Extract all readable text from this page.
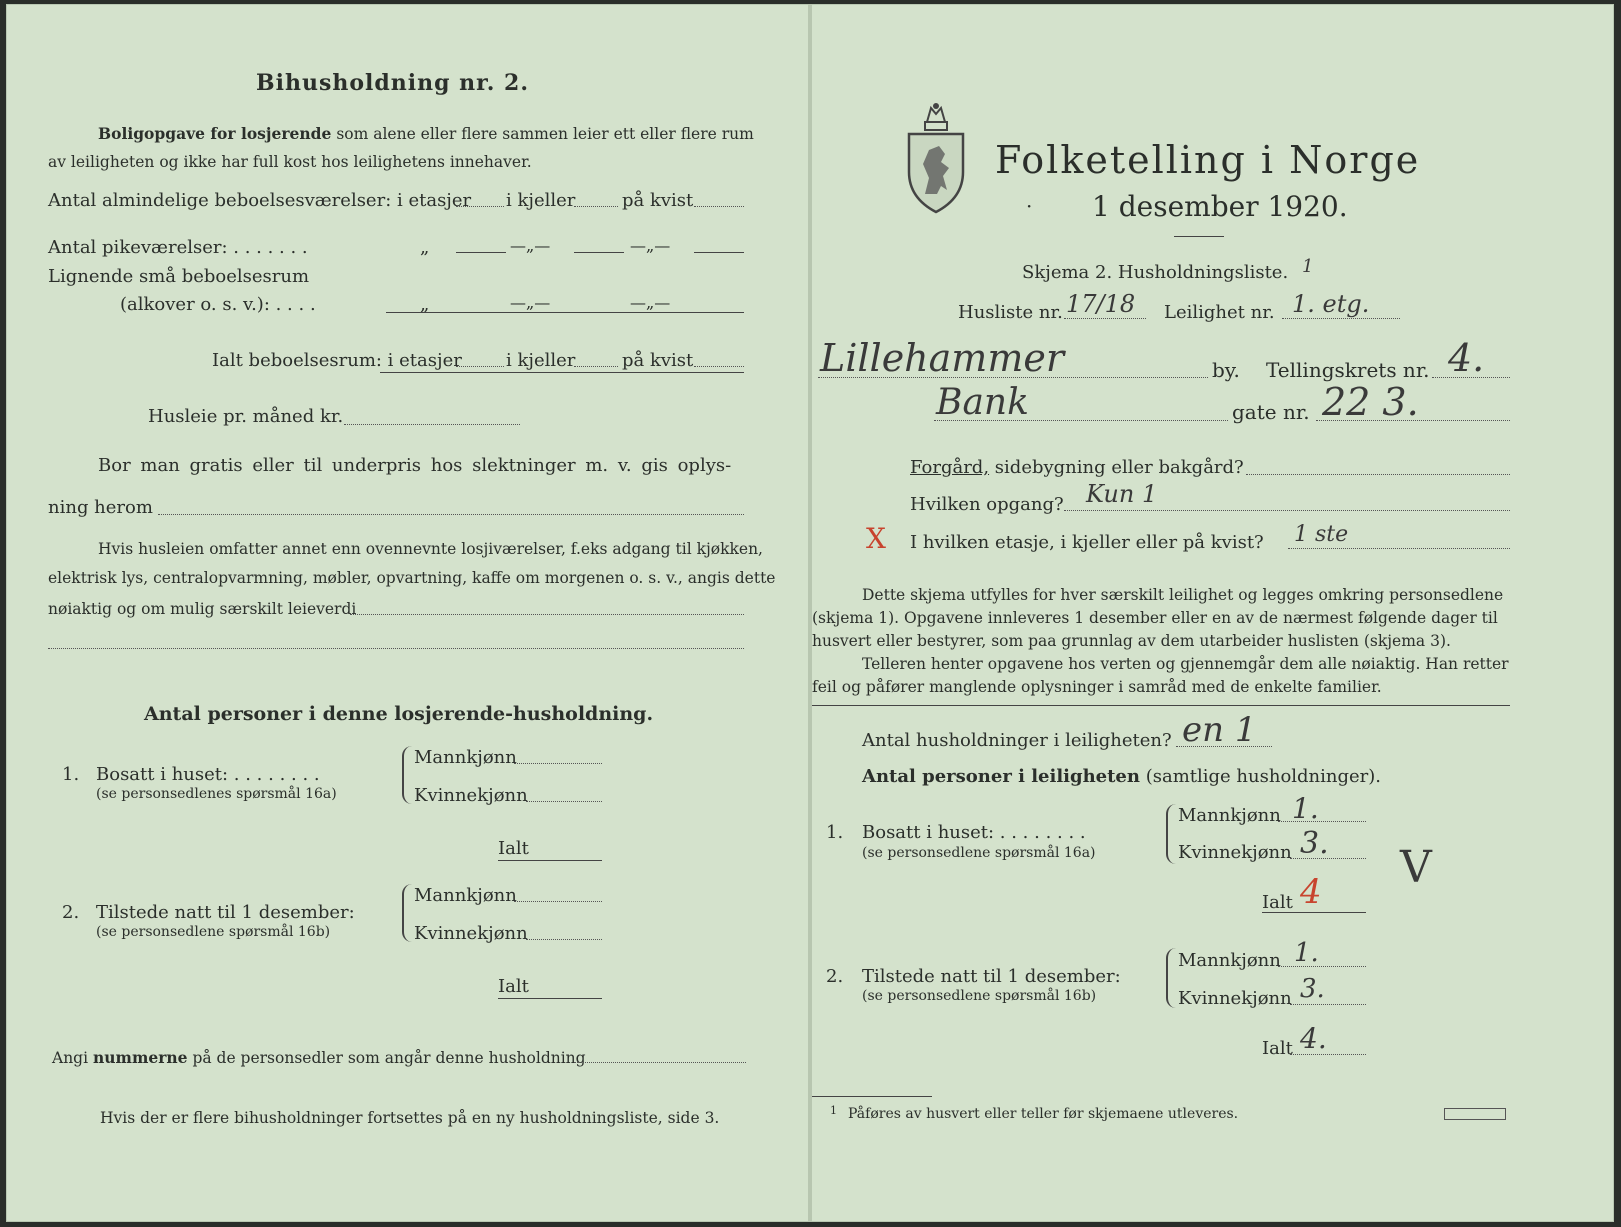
Bihusholdning nr. 2.
Boligopgave for losjerende som alene eller flere sammen leier ett eller flere rum
av leiligheten og ikke har full kost hos leilighetens innehaver.
Antal almindelige beboelsesværelser: i etasjer i kjeller	på kvist
Antal pikeværelser: . . . . . . .	„	—„—	—„—
Lignende små beboelsesrum
(alkover o. s. v.): . . . .	„	—„—	—„—
Ialt beboelsesrum: i etasjer i kjeller	på kvist
Husleie pr. måned kr.
Bor man gratis eller til underpris hos slektninger m. v. gis oplys-
ning herom
Hvis husleien omfatter annet enn ovennevnte losjiværelser, f.eks adgang til kjøkken,
elektrisk lys, centralopvarmning, møbler, opvartning, kaffe om morgenen o. s. v., angis dette
nøiaktig og om mulig særskilt leieverdi
Antal personer i denne losjerende-husholdning.
1. Bosatt i huset: . . . . . . . .
(se personsedlenes spørsmål 16a)
Mannkjønn
Kvinnekjønn
Ialt
2. Tilstede natt til 1 desember:
(se personsedlene spørsmål 16b)
Mannkjønn
Kvinnekjønn
Ialt
Angi nummerne på de personsedler som angår denne husholdning
Hvis der er flere bihusholdninger fortsettes på en ny husholdningsliste, side 3.
Folketelling i Norge
· 1 desember 1920.
Skjema 2. Husholdningsliste. 1
Husliste nr. 17/18 Leilighet nr. 1. etg.
Lillehammer	by. Tellingskrets nr. 4.
Bank	gate nr. 22 3.
Forgård, sidebygning eller bakgård?
Hvilken opgang? Kun 1
X I hvilken etasje, i kjeller eller på kvist? 1 ste
Dette skjema utfylles for hver særskilt leilighet og legges omkring personsedlene
(skjema 1). Opgavene innleveres 1 desember eller en av de nærmest følgende dager til
husvert eller bestyrer, som paa grunnlag av dem utarbeider huslisten (skjema 3).
Telleren henter opgavene hos verten og gjennemgår dem alle nøiaktig. Han retter
feil og påfører manglende oplysninger i samråd med de enkelte familier.
Antal husholdninger i leiligheten? en 1
Antal personer i leiligheten (samtlige husholdninger).
1. Bosatt i huset: . . . . . . . .
(se personsedlene spørsmål 16a)
Mannkjønn 1.
Kvinnekjønn 3.
Ialt 4 V
2. Tilstede natt til 1 desember:
(se personsedlene spørsmål 16b)
Mannkjønn 1.
Kvinnekjønn 3.
Ialt 4.
1 Påføres av husvert eller teller før skjemaene utleveres.
